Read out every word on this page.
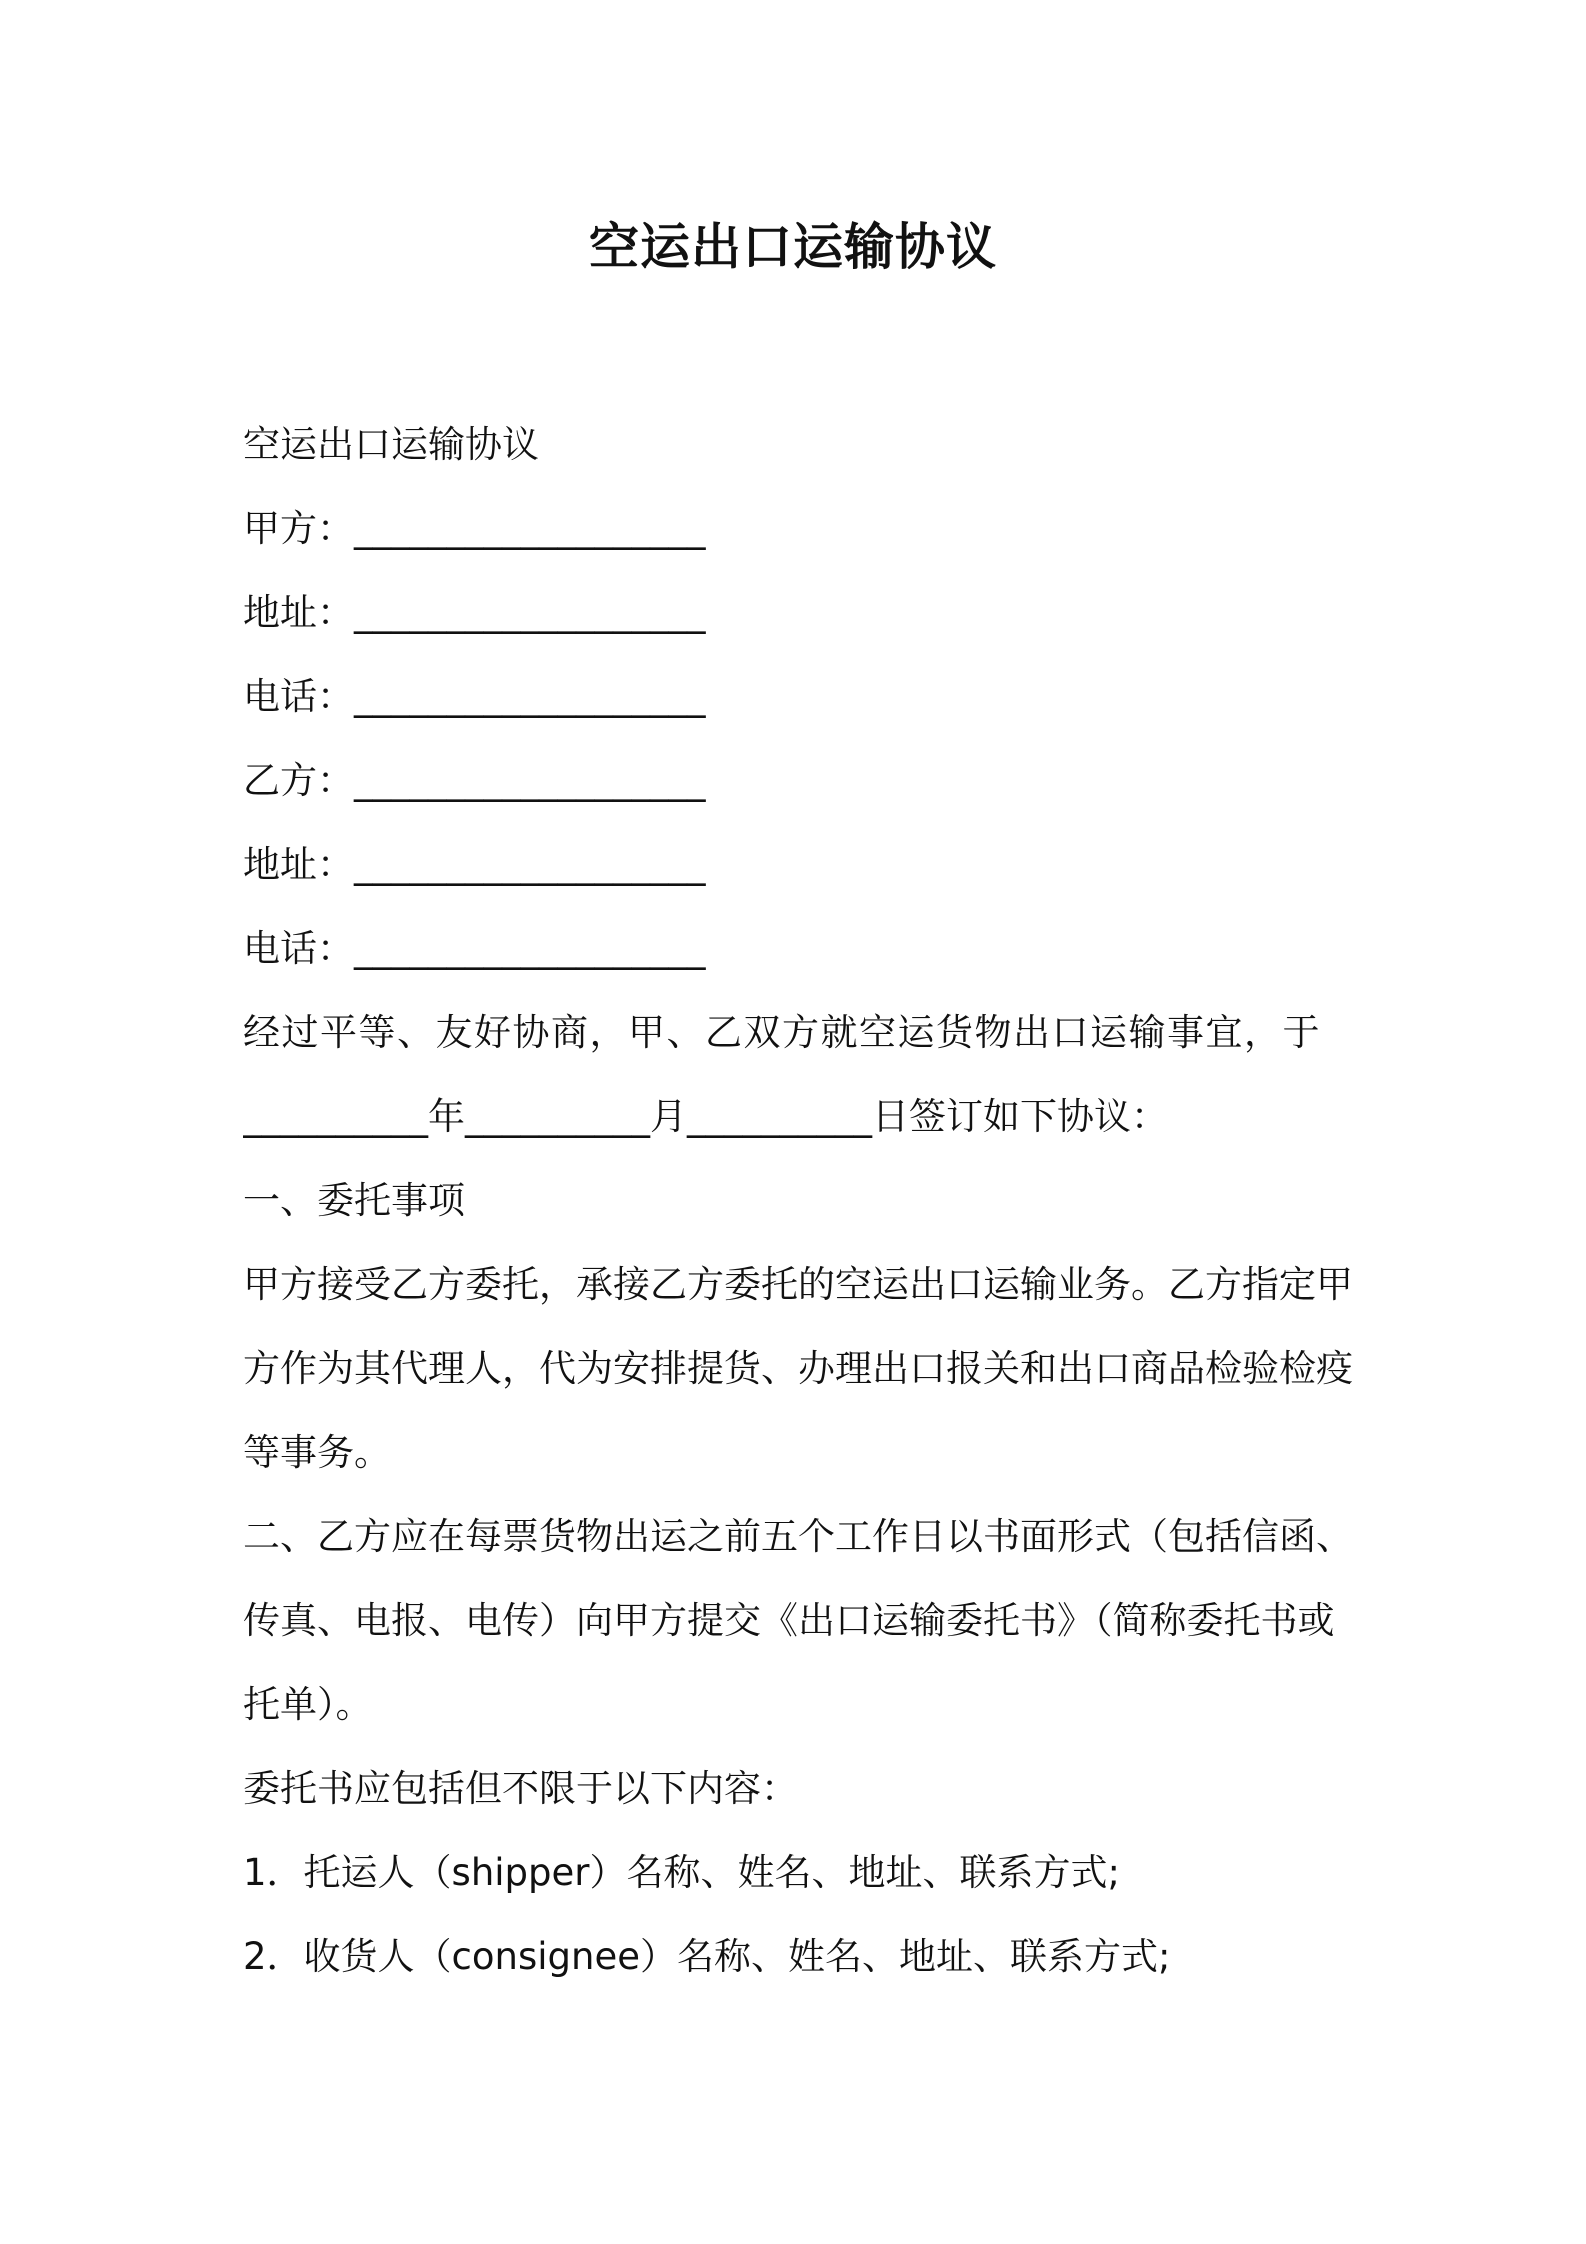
空运出口运输协议
空运出口运输协议
甲方：___________________
地址：___________________
电话：___________________
乙方：___________________
地址：___________________
电话：___________________
经过平等、友好协商，甲、乙双方就空运货物出口运输事宜，于
__________年__________月__________日签订如下协议：
一、委托事项
甲方接受乙方委托，承接乙方委托的空运出口运输业务。乙方指定甲
方作为其代理人，代为安排提货、办理出口报关和出口商品检验检疫
等事务。
二、乙方应在每票货物出运之前五个工作日以书面形式（包括信函、
传真、电报、电传）向甲方提交《出口运输委托书》（简称委托书或
托单）。
委托书应包括但不限于以下内容：
1．托运人（shipper）名称、姓名、地址、联系方式;
2．收货人（consignee）名称、姓名、地址、联系方式;
